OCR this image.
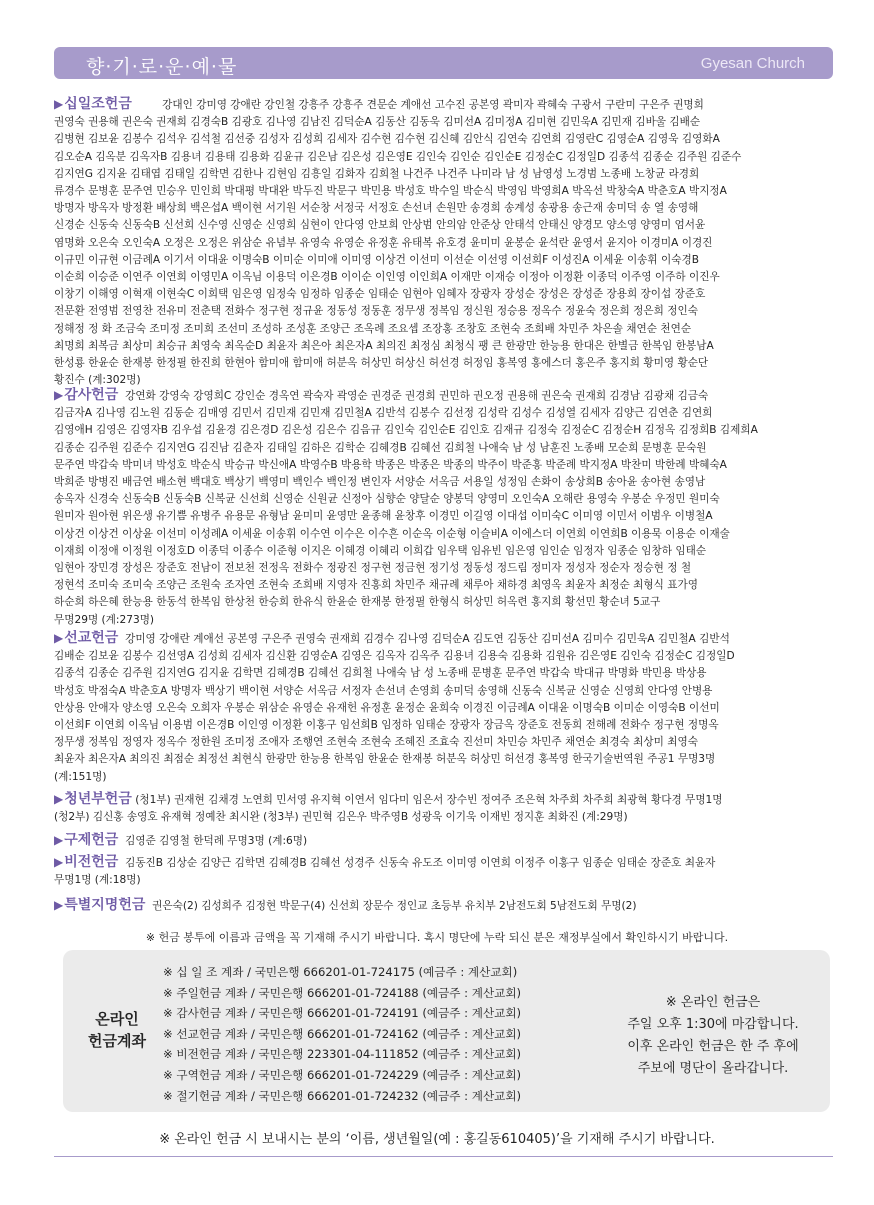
향·기·로·운·예·물	Gyesan Church
▶십일조헌금	강대인 강미영 강애란 강인철 강흥주 강흥주 견문순 계애선 고수진 공본영 곽미자 곽혜숙 구광서 구란미 구은주 권명희
권영숙 권용해 권은숙 권재희 김경숙B 김광호 김나영 김남진 김덕순A 김동산 김동욱 김미선A 김미정A 김미현 김민욱A 김민재 김바울 김배순
김병현 김보윤 김봉수 김석우 김석철 김선중 김성자 김성희 김세자 김수현 김수현 김신혜 김안식 김연숙 김연희 김영란C 김영순A 김영욱 김영화A
김오순A 김옥분 김옥자B 김용녀 김용태 김용화 김윤규 김은남 김은성 김은영E 김인숙 김인순 김인순E 김정순C 김정일D 김종석 김종순 김주원 김준수
김지연G 김지윤 김태엽 김태일 김학면 김한나 김현임 김흥일 김화자 김희철 나건주 나건주 나미라 남 성 남영성 노경범 노종배 노창균 라경희
류경수 문병훈 문주연 민승우 민인희 박대평 박대완 박두진 박문구 박민용 박성호 박수일 박순식 박영임 박영희A 박옥선 박창숙A 박춘호A 박지정A
방명자 방옥자 방정환 배상희 백은섭A 백이현 서기원 서순창 서정국 서정호 손선녀 손원만 송경희 송계성 송광용 송근재 송미덕 송 열 송영해
신경순 신동숙 신동숙B 신선희 신수영 신영순 신영희 심현이 안다영 안보희 안상범 안의암 안준상 안태석 안태신 양경모 양소영 양영미 엄서윤
염명화 오은숙 오인숙A 오정은 오정은 위삼순 유념부 유영숙 유영순 유정훈 유태복 유호경 윤미미 윤봉순 윤석란 윤영서 윤지아 이경미A 이경진
이규민 이규현 이금례A 이기서 이대윤 이명숙B 이미순 이미애 이미영 이상건 이선미 이선순 이선영 이선희F 이성진A 이세윤 이송휘 이숙경B
이순희 이승준 이연주 이연희 이영민A 이옥님 이용덕 이은경B 이이순 이인영 이인희A 이재만 이재승 이정아 이정환 이종덕 이주영 이주하 이진우
이창기 이해영 이혁재 이현숙C 이희택 임은영 임정숙 임정하 임종순 임태순 임현아 임혜자 장광자 장성순 장성은 장성준 장용희 장이섭 장준호
전문환 전영범 전영찬 전유미 전춘택 전화수 정구현 정규윤 정동성 정동훈 정무생 정복임 정신원 정승용 정옥수 정윤숙 정은희 정은희 정인숙
정해정 정 화 조금숙 조미정 조미희 조선미 조성하 조성훈 조양근 조옥례 조요셉 조장홍 조창호 조현숙 조희배 차민주 차은솔 채연순 천연순
최명희 최복금 최상미 최승규 최영숙 최옥순D 최윤자 최은아 최은자A 최의진 최정심 최청식 팽 큰 한광만 한능용 한대은 한별금 한복임 한봉남A
한성룡 한윤순 한재봉 한정필 한진희 한현아 함미애 함미애 허분옥 허상민 허상신 허선경 허정임 홍복영 홍에스더 홍은주 홍지희 황미영 황순단
황진수 (계:302명)
▶감사헌금 강연화 강영숙 강영희C 강인순 경옥연 곽숙자 곽영순 권경준 권경희 권민하 권오정 권용해 권은숙 권재희 김경남 김광채 김금숙
김금자A 김나영 김노원 김동순 김매영 김민서 김민재 김민재 김민철A 김반석 김봉수 김선정 김성락 김성수 김성열 김세자 김양근 김연춘 김연희
김영애H 김영은 김영자B 김우섭 김윤경 김은경D 김은성 김은수 김음규 김인숙 김인순E 김인호 김재규 김정숙 김정순C 김정순H 김정옥 김정희B 김제희A
김종순 김주원 김준수 김지연G 김진남 김춘자 김태일 김하은 김학순 김혜경B 김혜선 김희철 나애숙 남 성 남훈진 노종배 모순희 문병훈 문숙원
문주연 박갑숙 박미녀 박성호 박순식 박승규 박신애A 박영수B 박용학 박종은 박종은 박종의 박주이 박준홍 박준례 박지정A 박찬미 박한례 박혜숙A
박희준 방병진 배금연 배소현 백대호 백상기 백영미 백인수 백인정 변인자 서양순 서옥금 서용일 성정임 손화이 송상희B 송아윤 송아현 송영남
송옥자 신경숙 신동숙B 신동숙B 신복균 신선희 신영순 신원균 신정아 심향순 양달순 양봉덕 양영미 오인숙A 오해란 용영숙 우봉순 우정민 원미숙
원미자 원아현 위은생 유기쁨 유병주 유용문 유형남 윤미미 윤영만 윤종해 윤창후 이경민 이길영 이대섭 이미숙C 이미영 이민서 이범우 이병철A
이상건 이상건 이상윤 이선미 이성례A 이세윤 이송휘 이수연 이수은 이수흔 이순옥 이순형 이슬비A 이에스더 이연희 이연희B 이용묵 이용순 이재술
이재희 이정애 이정원 이정호D 이종덕 이종수 이준형 이지은 이혜경 이혜리 이희갑 임우택 임유빈 임은영 임인순 임정자 임종순 임창하 임태순
임현아 장민경 장성은 장준호 전남이 전보천 전정옥 전화수 정광진 정구현 정금현 정기성 정동성 정드림 정미자 정성자 정순자 정승현 정 철
정현석 조미숙 조미숙 조양근 조원숙 조자연 조현숙 조희배 지영자 진홍희 차민주 채규례 채루아 채하경 최영옥 최윤자 최정순 최형식 표가영
하순희 하은혜 한능용 한동석 한복임 한상천 한승희 한유식 한윤순 한재봉 한정필 한형식 허상민 허옥련 홍지희 황선민 황순녀 5교구
무명29명 (계:273명)
▶선교헌금 강미영 강애란 계애선 공본영 구은주 권영숙 권재희 김경수 김나영 김덕순A 김도연 김동산 김미선A 김미수 김민욱A 김민철A 김반석
김배순 김보윤 김봉수 김선영A 김성희 김세자 김신환 김영순A 김영은 김옥자 김옥주 김용녀 김용숙 김용화 김원유 김은영E 김인숙 김정순C 김정일D
김종석 김종순 김주원 김지연G 김지윤 김학면 김혜경B 김혜선 김희철 나애숙 남 성 노종배 문병훈 문주연 박갑숙 박대규 박명화 박민용 박상용
박성호 박점숙A 박춘호A 방명자 백상기 백이현 서양순 서옥금 서정자 손선녀 손영희 송미덕 송영해 신동숙 신복균 신영순 신영희 안다영 안병용
안상용 안애자 양소영 오은숙 오희자 우봉순 위삼순 유영순 유재헌 유정훈 윤정순 윤희숙 이경진 이금례A 이대윤 이명숙B 이미순 이영숙B 이선미
이선희F 이연희 이옥님 이용범 이은경B 이인영 이정환 이홍구 임선희B 임정하 임태순 장광자 장금옥 장준호 전동희 전해례 전화수 정구현 정명옥
정무생 정복임 정영자 정옥수 정한원 조미정 조애자 조행연 조현숙 조현숙 조혜진 조효숙 진선미 차민승 차민주 채연순 최경숙 최상미 최영숙
최윤자 최은자A 최의진 최점순 최정선 최현식 한광만 한능용 한복임 한윤순 한재봉 허분옥 허상민 허선경 홍복영 한국기술번역원 주공1 무명3명
(계:151명)
▶청년부헌금 (청1부) 권재현 김채경 노연희 민서영 유지혁 이연서 임다미 임은서 장수빈 정여주 조은혁 차주희 차주희 최광혁 황다경 무명1명
(청2부) 김신홍 송영호 유재혁 정예찬 최시완 (청3부) 권민혁 김은우 박주영B 성광욱 이기욱 이재빈 정지훈 최화진 (계:29명)
▶구제헌금 김영준 김영철 한덕례 무명3명 (계:6명)
▶비전헌금 김동진B 김상순 김양근 김학면 김혜경B 김혜선 성경주 신동숙 유도조 이미영 이연희 이정주 이홍구 임종순 임태순 장준호 최윤자
무명1명 (계:18명)
▶특별지명헌금 권은숙(2) 김성희주 김정현 박문구(4) 신선희 장문수 정인교 초등부 유치부 2남전도회 5남전도회 무명(2)
※ 헌금 봉투에 이름과 금액을 꼭 기재해 주시기 바랍니다. 혹시 명단에 누락 되신 분은 재정부실에서 확인하시기 바랍니다.
온라인
헌금계좌
※ 십 일 조 계좌 / 국민은행 666201-01-724175 (예금주 : 계산교회)
※ 주일헌금 계좌 / 국민은행 666201-01-724188 (예금주 : 계산교회)
※ 감사헌금 계좌 / 국민은행 666201-01-724191 (예금주 : 계산교회)
※ 선교헌금 계좌 / 국민은행 666201-01-724162 (예금주 : 계산교회)
※ 비전헌금 계좌 / 국민은행 223301-04-111852 (예금주 : 계산교회)
※ 구역헌금 계좌 / 국민은행 666201-01-724229 (예금주 : 계산교회)
※ 절기헌금 계좌 / 국민은행 666201-01-724232 (예금주 : 계산교회)
※ 온라인 헌금은
주일 오후 1:30에 마감합니다.
이후 온라인 헌금은 한 주 후에
주보에 명단이 올라갑니다.
※ 온라인 헌금 시 보내시는 분의 ‘이름, 생년월일(예 : 홍길동610405)’을 기재해 주시기 바랍니다.
